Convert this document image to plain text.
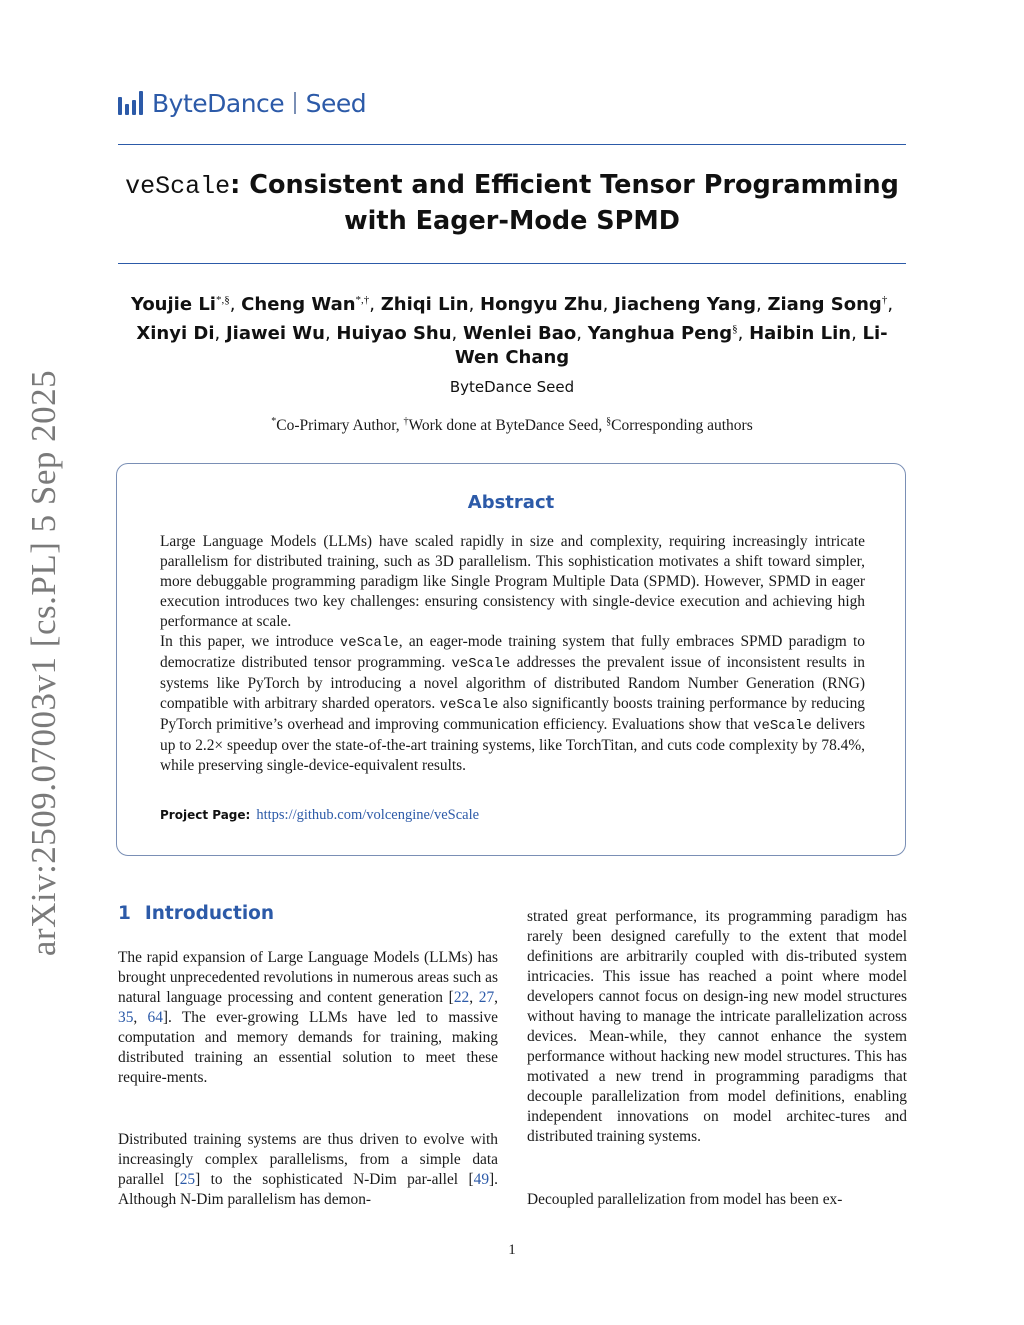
arXiv:2509.07003v1 [cs.PL] 5 Sep 2025
ByteDance Seed
veScale: Consistent and Efficient Tensor Programming
with Eager-Mode SPMD
Youjie Li*,§, Cheng Wan*,†, Zhiqi Lin, Hongyu Zhu, Jiacheng Yang, Ziang Song†, Xinyi Di, Jiawei Wu, Huiyao Shu, Wenlei Bao, Yanghua Peng§, Haibin Lin, Li-Wen Chang
ByteDance Seed
*Co-Primary Author, †Work done at ByteDance Seed, §Corresponding authors
Abstract

Large Language Models (LLMs) have scaled rapidly in size and complexity, requiring increasingly intricate parallelism for distributed training, such as 3D parallelism. This sophistication motivates a shift toward simpler, more debuggable programming paradigm like Single Program Multiple Data (SPMD). However, SPMD in eager execution introduces two key challenges: ensuring consistency with single-device execution and achieving high performance at scale.

In this paper, we introduce veScale, an eager-mode training system that fully embraces SPMD paradigm to democratize distributed tensor programming. veScale addresses the prevalent issue of inconsistent results in systems like PyTorch by introducing a novel algorithm of distributed Random Number Generation (RNG) compatible with arbitrary sharded operators. veScale also significantly boosts training performance by reducing PyTorch primitive’s overhead and improving communication efficiency. Evaluations show that veScale delivers up to 2.2× speedup over the state-of-the-art training systems, like TorchTitan, and cuts code complexity by 78.4%, while preserving single-device-equivalent results.

Project Page: https://github.com/volcengine/veScale
1 Introduction

The rapid expansion of Large Language Models (LLMs) has brought unprecedented revolutions in numerous areas such as natural language processing and content generation [22, 27, 35, 64]. The ever-growing LLMs have led to massive computation and memory demands for training, making distributed training an essential solution to meet these require-ments.

Distributed training systems are thus driven to evolve with increasingly complex parallelisms, from a simple data parallel [25] to the sophisticated N-Dim par-allel [49]. Although N-Dim parallelism has demon-

strated great performance, its programming paradigm has rarely been designed carefully to the extent that model definitions are arbitrarily coupled with dis-tributed system intricacies. This issue has reached a point where model developers cannot focus on design-ing new model structures without having to manage the intricate parallelization across devices. Mean-while, they cannot enhance the system performance without hacking new model structures. This has motivated a new trend in programming paradigms that decouple parallelization from model definitions, enabling independent innovations on model architec-tures and distributed training systems.

Decoupled parallelization from model has been ex-

1
